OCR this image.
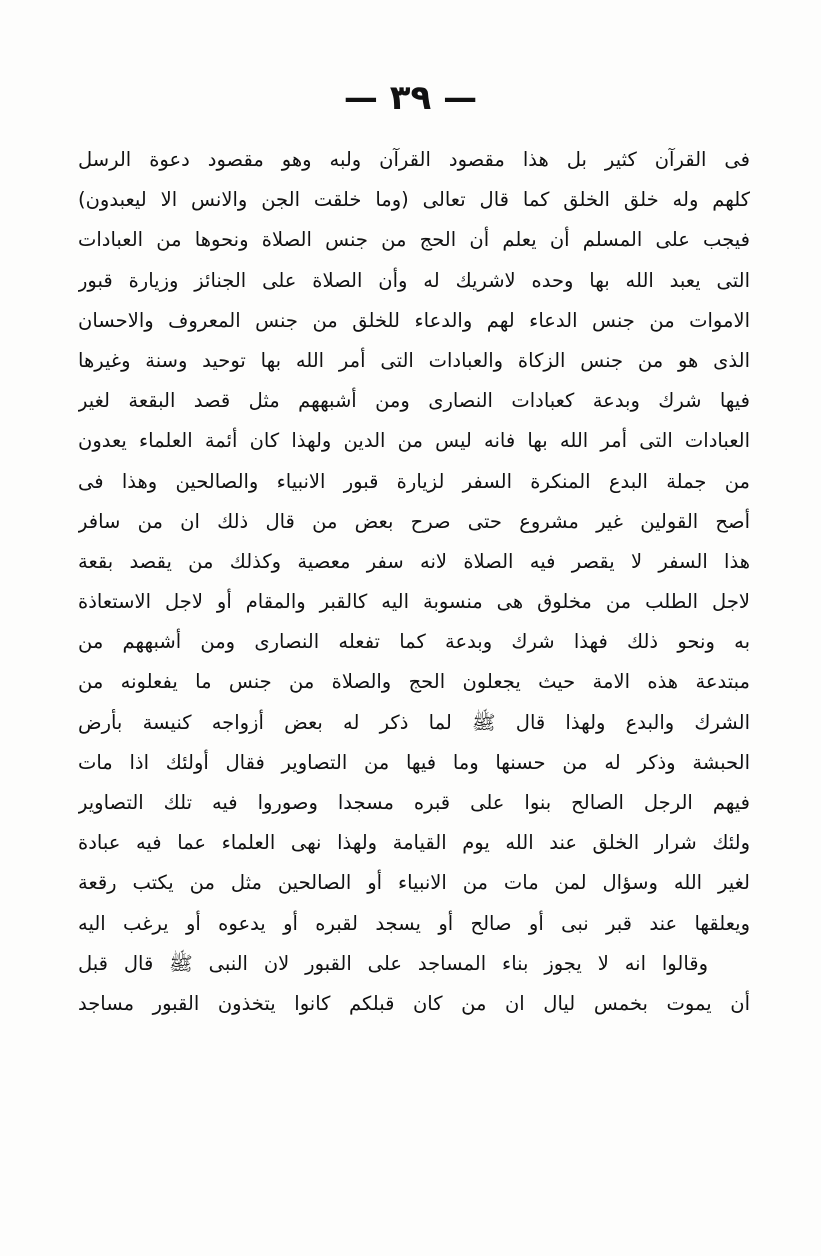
— ٣٩ —
فى القرآن كثير بل هذا مقصود القرآن ولبه وهو مقصود دعوة الرسل
كلهم وله خلق الخلق كما قال تعالى (وما خلقت الجن والانس الا ليعبدون)
فيجب على المسلم أن يعلم أن الحج من جنس الصلاة ونحوها من العبادات
التى يعبد الله بها وحده لاشريك له وأن الصلاة على الجنائز وزيارة قبور
الاموات من جنس الدعاء لهم والدعاء للخلق من جنس المعروف والاحسان
الذى هو من جنس الزكاة والعبادات التى أمر الله بها توحيد وسنة وغيرها
فيها شرك وبدعة كعبادات النصارى ومن أشبههم مثل قصد البقعة لغير
العبادات التى أمر الله بها فانه ليس من الدين ولهذا كان أئمة العلماء يعدون
من جملة البدع المنكرة السفر لزيارة قبور الانبياء والصالحين وهذا فى
أصح القولين غير مشروع حتى صرح بعض من قال ذلك ان من سافر
هذا السفر لا يقصر فيه الصلاة لانه سفر معصية وكذلك من يقصد بقعة
لاجل الطلب من مخلوق هى منسوبة اليه كالقبر والمقام أو لاجل الاستعاذة
به ونحو ذلك فهذا شرك وبدعة كما تفعله النصارى ومن أشبههم من
مبتدعة هذه الامة حيث يجعلون الحج والصلاة من جنس ما يفعلونه من
الشرك والبدع ولهذا قال ﷺ لما ذكر له بعض أزواجه كنيسة بأرض
الحبشة وذكر له من حسنها وما فيها من التصاوير فقال أولئك اذا مات
فيهم الرجل الصالح بنوا على قبره مسجدا وصوروا فيه تلك التصاوير
ولئك شرار الخلق عند الله يوم القيامة ولهذا نهى العلماء عما فيه عبادة
لغير الله وسؤال لمن مات من الانبياء أو الصالحين مثل من يكتب رقعة
ويعلقها عند قبر نبى أو صالح أو يسجد لقبره أو يدعوه أو يرغب اليه
وقالوا انه لا يجوز بناء المساجد على القبور لان النبى ﷺ قال قبل
أن يموت بخمس ليال ان من كان قبلكم كانوا يتخذون القبور مساجد
